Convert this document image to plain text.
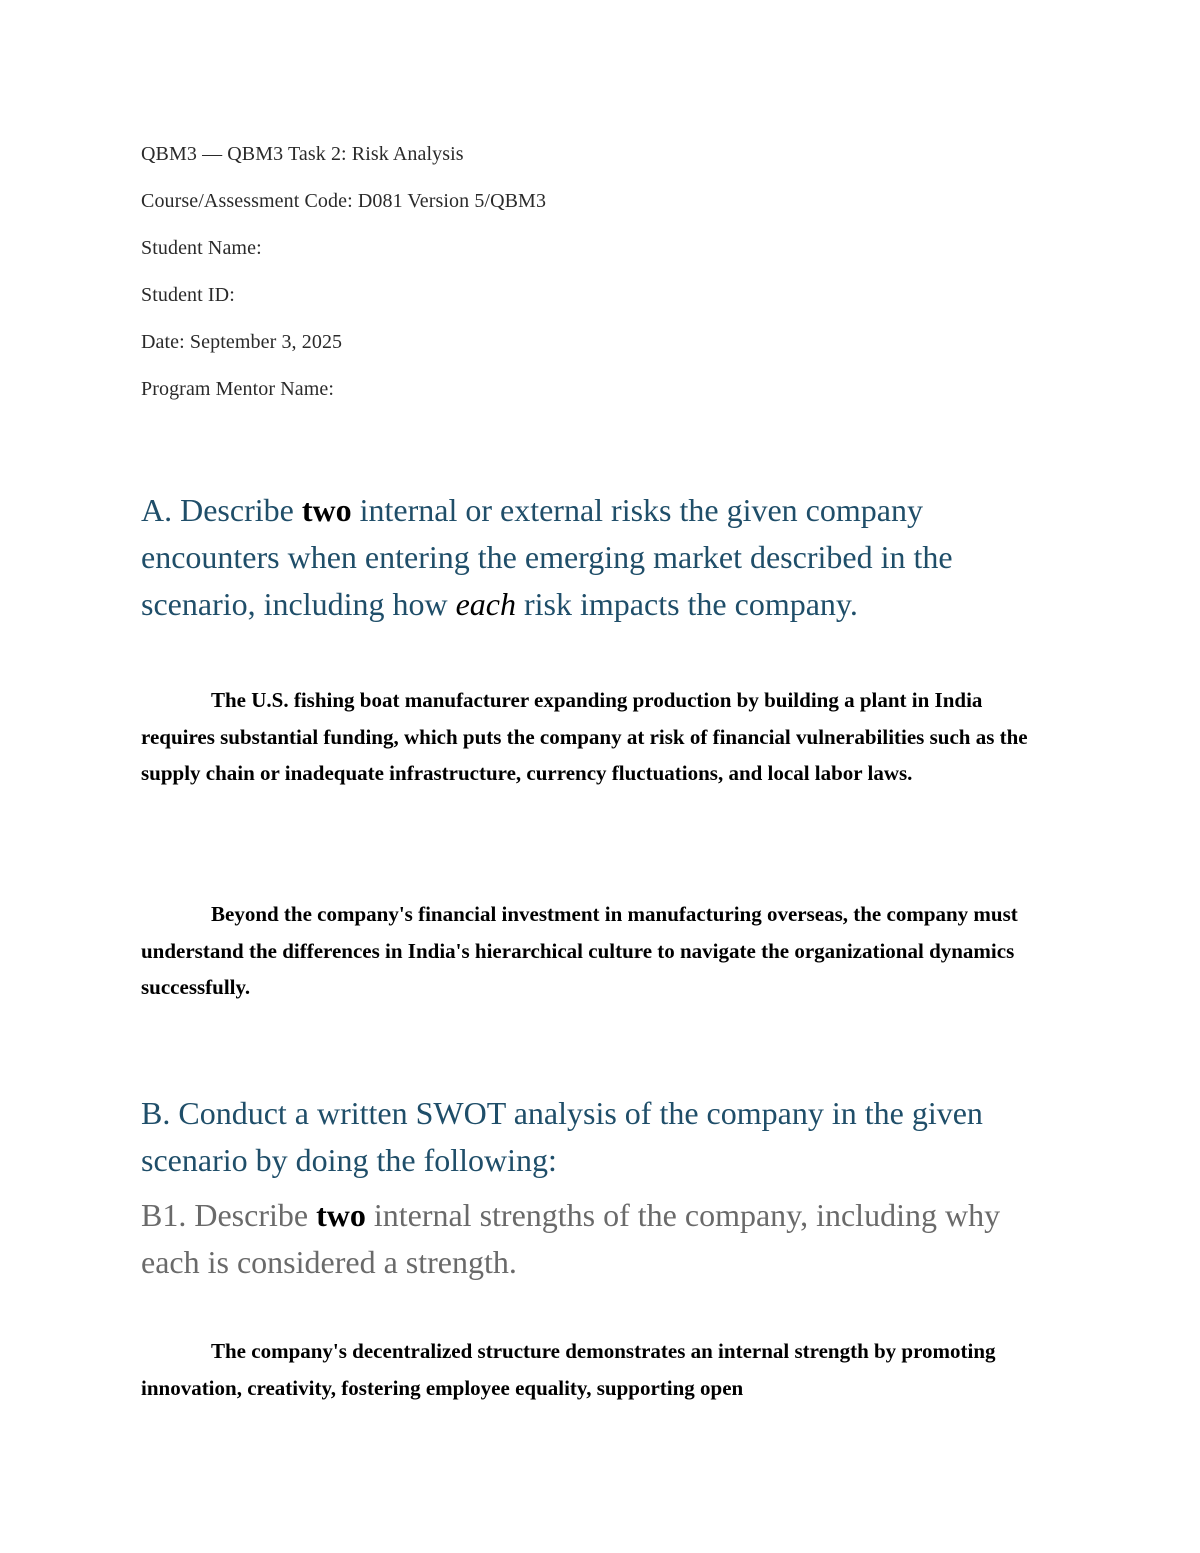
QBM3 — QBM3 Task 2: Risk Analysis
Course/Assessment Code: D081 Version 5/QBM3
Student Name:
Student ID:
Date: September 3, 2025
Program Mentor Name:
A. Describe two internal or external risks the given company encounters when entering the emerging market described in the scenario, including how each risk impacts the company.

The U.S. fishing boat manufacturer expanding production by building a plant in India requires substantial funding, which puts the company at risk of financial vulnerabilities such as the supply chain or inadequate infrastructure, currency fluctuations, and local labor laws.

Beyond the company's financial investment in manufacturing overseas, the company must understand the differences in India's hierarchical culture to navigate the organizational dynamics successfully.

B. Conduct a written SWOT analysis of the company in the given scenario by doing the following:
B1. Describe two internal strengths of the company, including why each is considered a strength.

The company's decentralized structure demonstrates an internal strength by promoting innovation, creativity, fostering employee equality, supporting open
